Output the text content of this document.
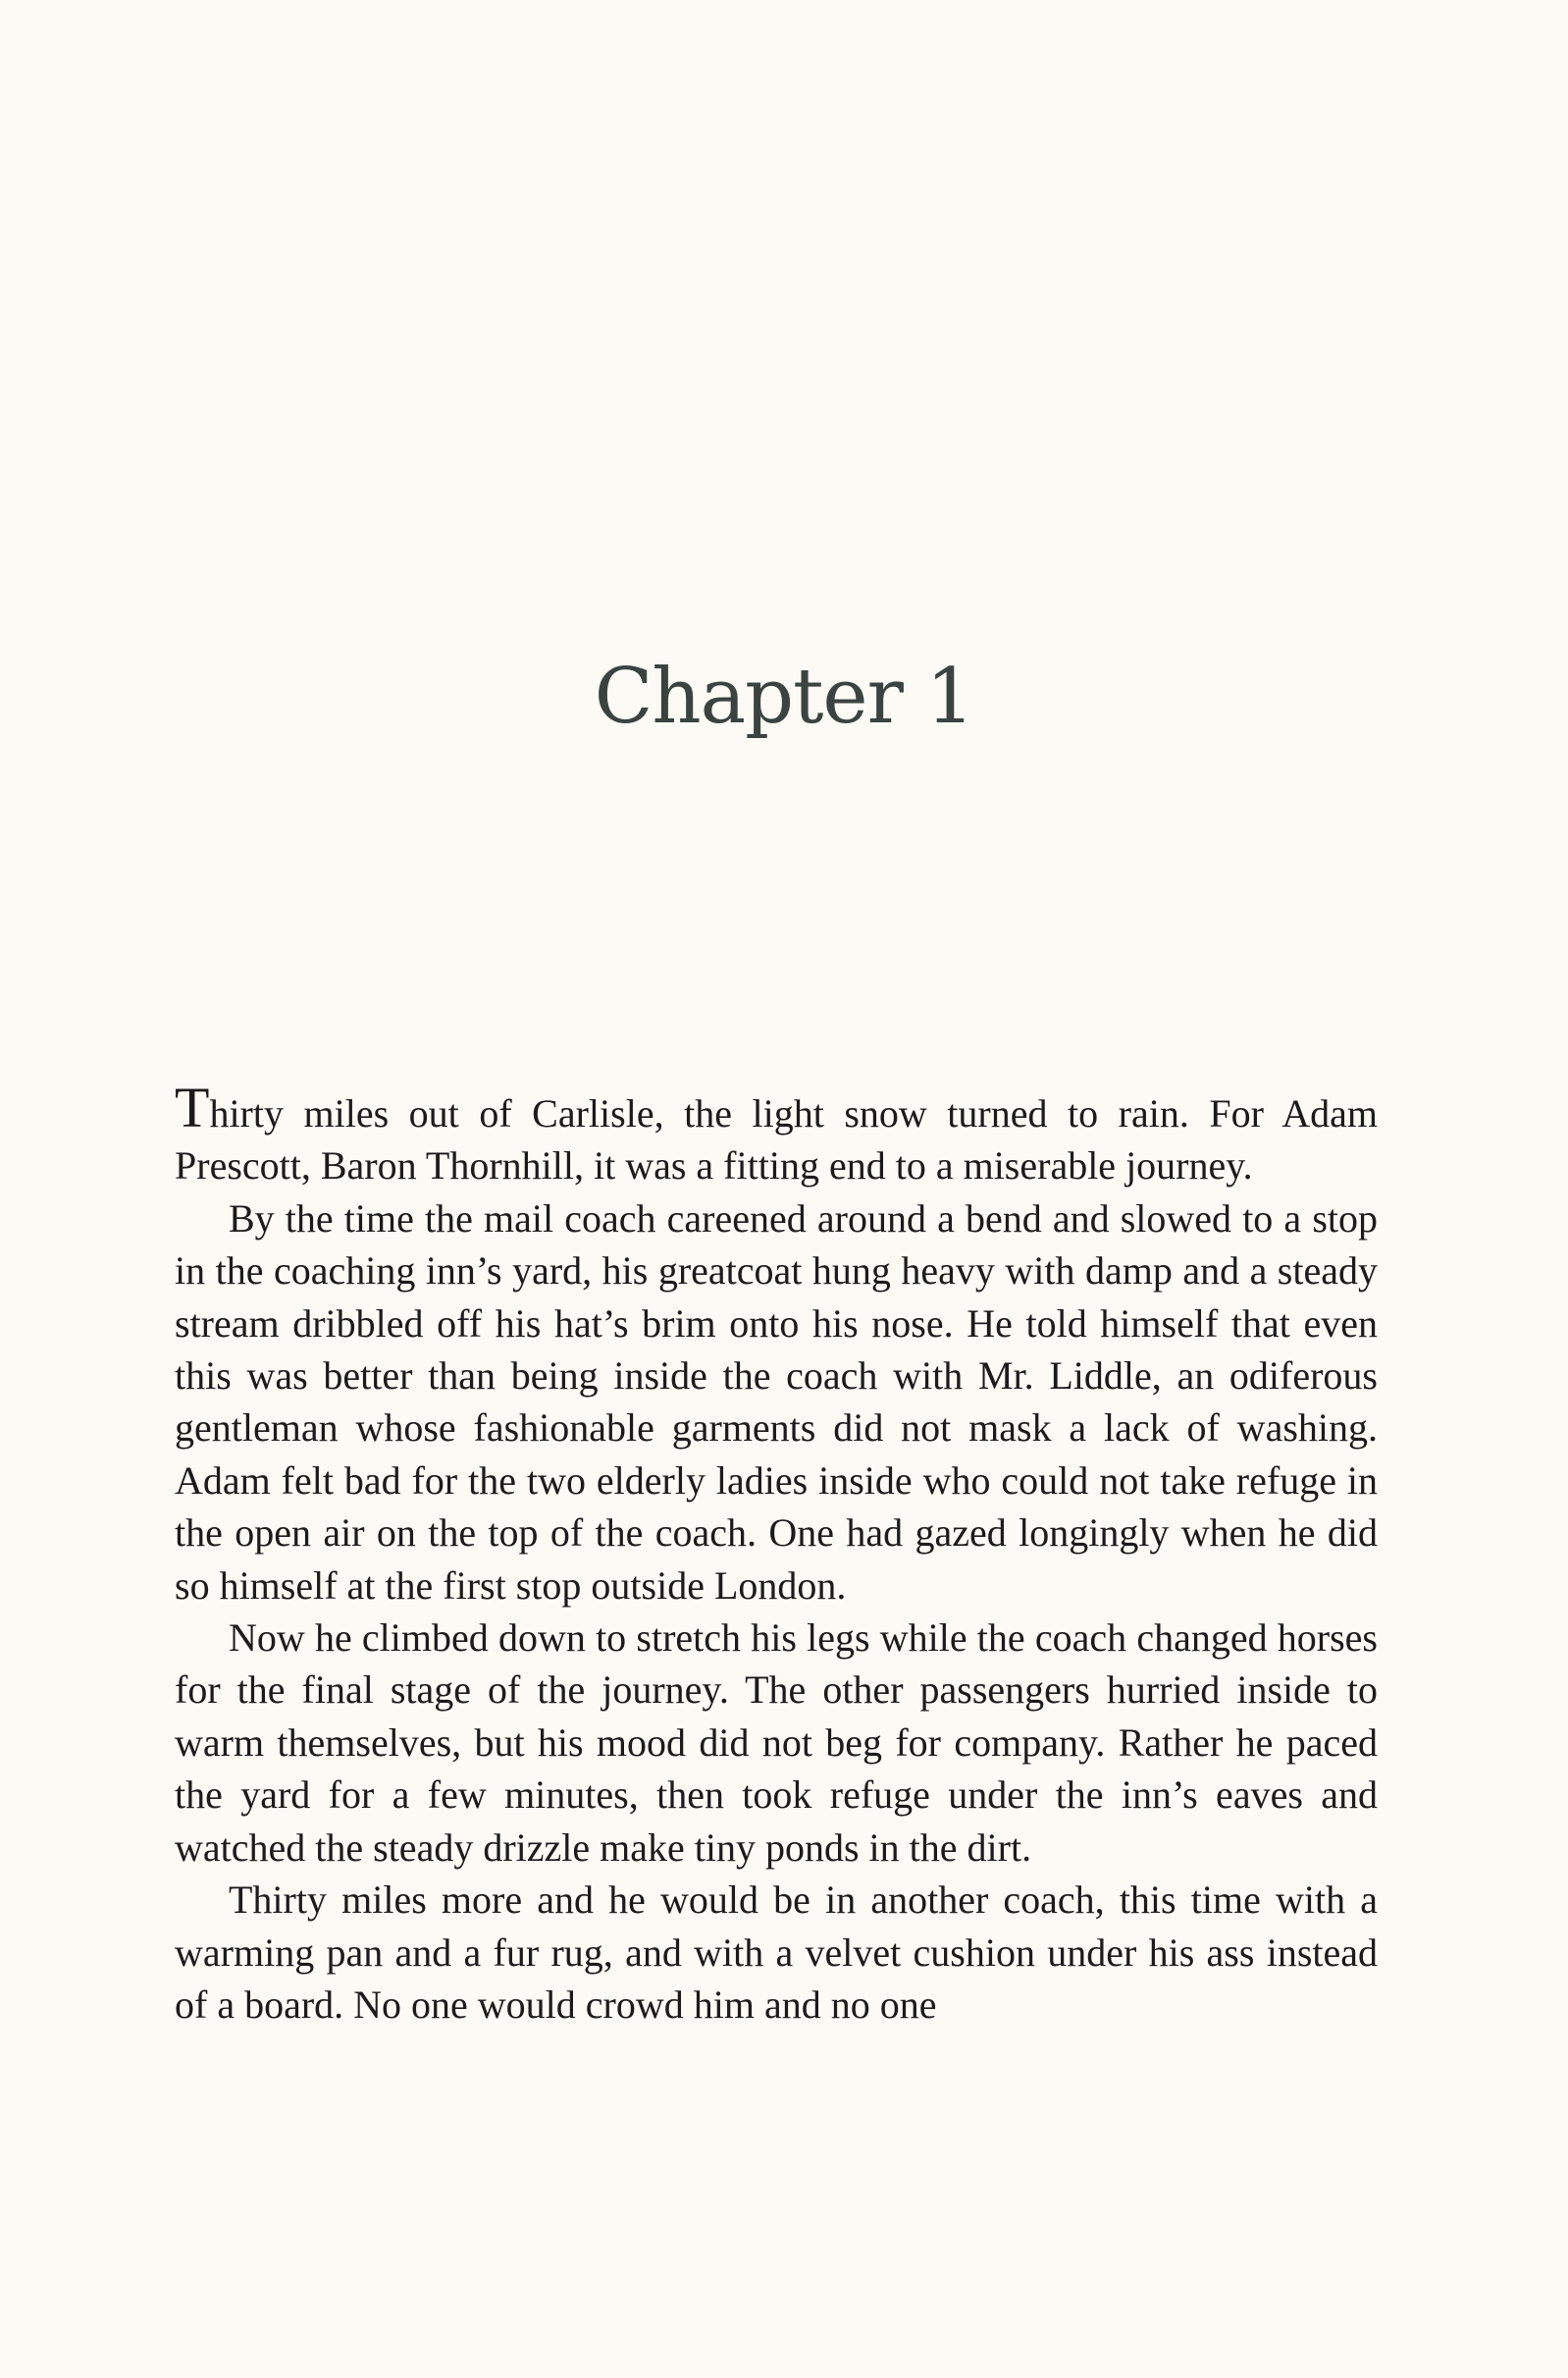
Chapter 1

Thirty miles out of Carlisle, the light snow turned to rain. For Adam Prescott, Baron Thornhill, it was a fitting end to a miserable journey.

By the time the mail coach careened around a bend and slowed to a stop in the coaching inn’s yard, his greatcoat hung heavy with damp and a steady stream dribbled off his hat’s brim onto his nose. He told himself that even this was better than being inside the coach with Mr. Liddle, an odiferous gentleman whose fashionable garments did not mask a lack of washing. Adam felt bad for the two elderly ladies inside who could not take refuge in the open air on the top of the coach. One had gazed longingly when he did so himself at the first stop outside London.

Now he climbed down to stretch his legs while the coach changed horses for the final stage of the journey. The other passengers hurried inside to warm themselves, but his mood did not beg for company. Rather he paced the yard for a few minutes, then took refuge under the inn’s eaves and watched the steady drizzle make tiny ponds in the dirt.

Thirty miles more and he would be in another coach, this time with a warming pan and a fur rug, and with a velvet cushion under his ass instead of a board. No one would crowd him and no one
